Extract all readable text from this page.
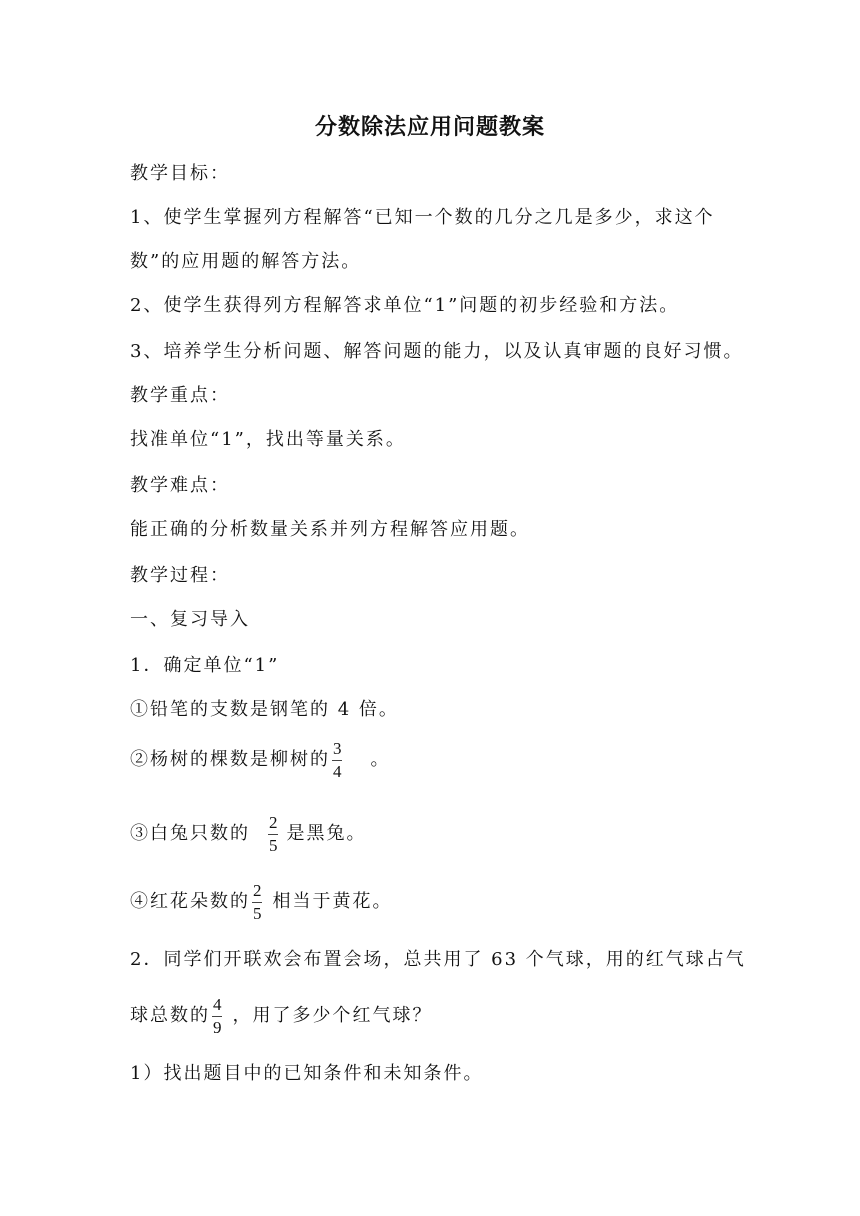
分数除法应用问题教案
教学目标：
1、使学生掌握列方程解答“已知一个数的几分之几是多少，求这个
数”的应用题的解答方法。
2、使学生获得列方程解答求单位“1”问题的初步经验和方法。
3、培养学生分析问题、解答问题的能力，以及认真审题的良好习惯。
教学重点：
找准单位“1”，找出等量关系。
教学难点：
能正确的分析数量关系并列方程解答应用题。
教学过程：
一、复习导入
1．确定单位“1”
①铅笔的支数是钢笔的 4 倍。
②杨树的棵数是柳树的 $\frac{3}{4}$ 。
③白兔只数的 $\frac{2}{5}$ 是黑兔。
④红花朵数的 $\frac{2}{5}$ 相当于黄花。
2．同学们开联欢会布置会场，总共用了 63 个气球，用的红气球占气
球总数的 $\frac{4}{9}$ ，用了多少个红气球？
1）找出题目中的已知条件和未知条件。
